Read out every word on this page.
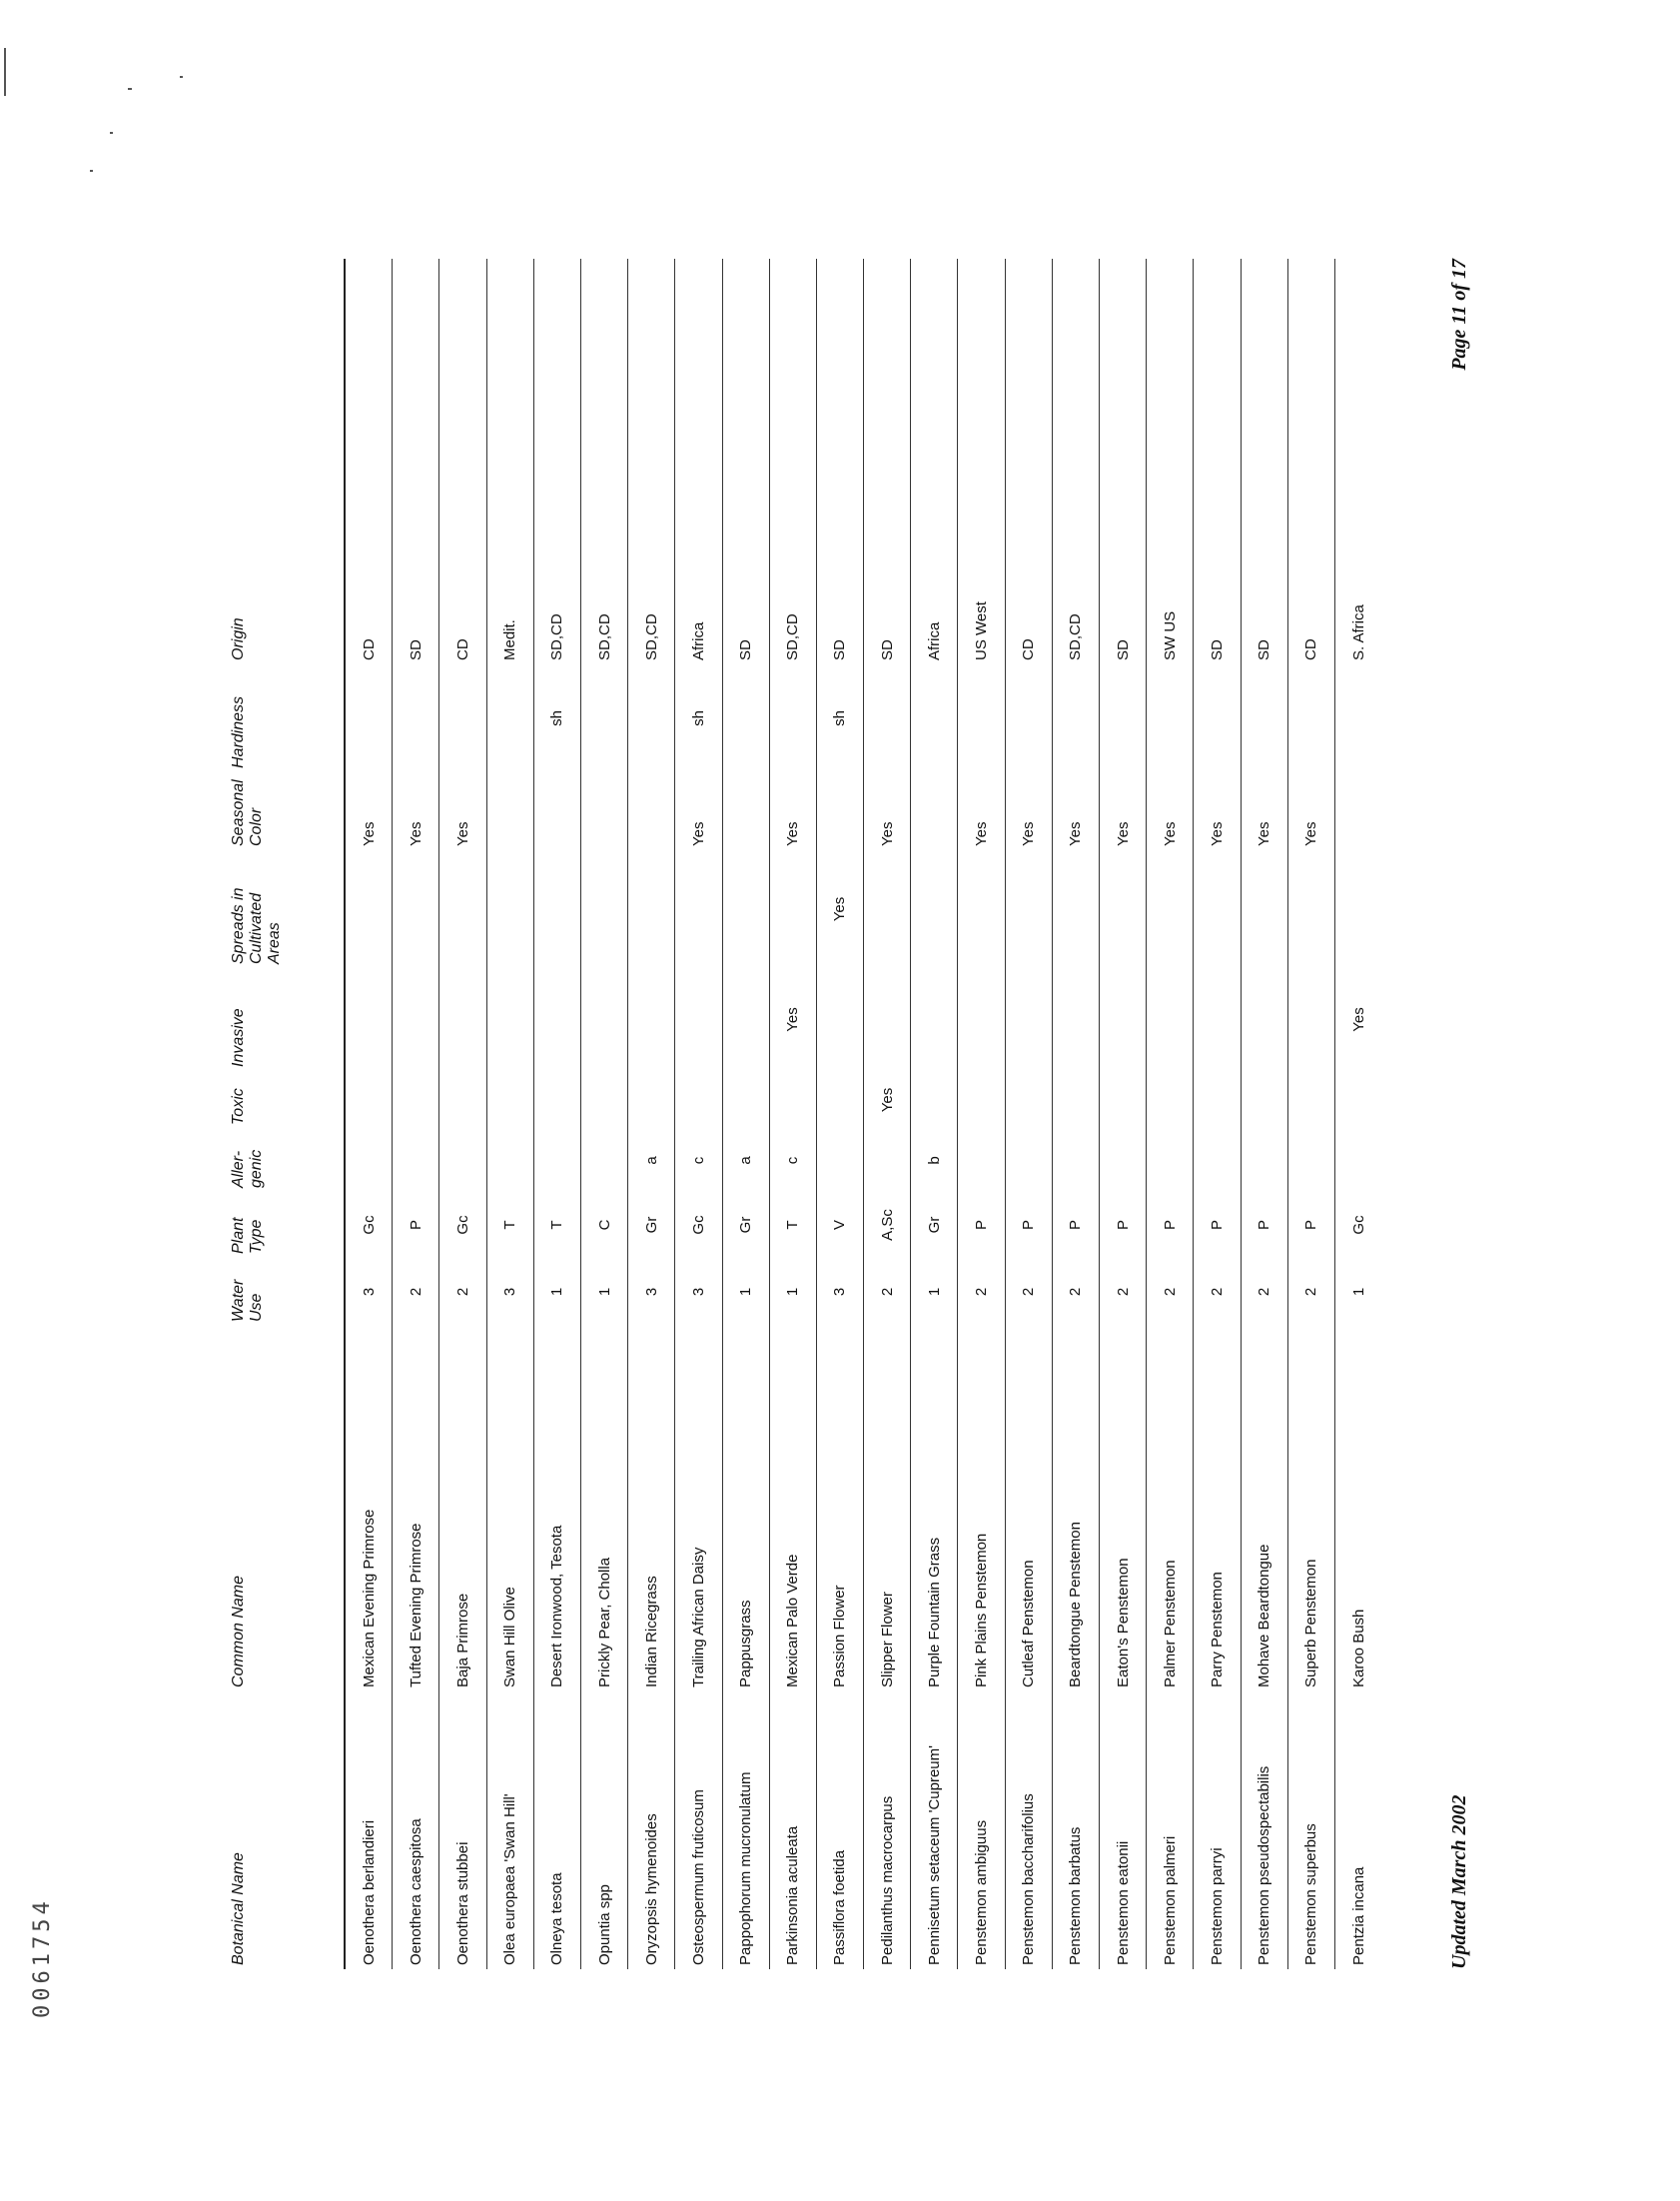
Botanical Name	Common Name	Water Use	Plant Type	Aller- genic	Toxic	Invasive	Spreads in Cultivated Areas	Seasonal Color	Hardiness	Origin
Oenothera berlandieri	Mexican Evening Primrose	3	Gc					Yes		CD
Oenothera caespitosa	Tufted Evening Primrose	2	P					Yes		SD
Oenothera stubbei	Baja Primrose	2	Gc					Yes		CD
Olea europaea 'Swan Hill'	Swan Hill Olive	3	T							Medit.
Olneya tesota	Desert Ironwood, Tesota	1	T						sh	SD,CD
Opuntia spp	Prickly Pear, Cholla	1	C							SD,CD
Oryzopsis hymenoides	Indian Ricegrass	3	Gr	a						SD,CD
Osteospermum fruticosum	Trailing African Daisy	3	Gc	c				Yes	sh	Africa
Pappophorum mucronulatum	Pappusgrass	1	Gr	a						SD
Parkinsonia aculeata	Mexican Palo Verde	1	T	c		Yes		Yes		SD,CD
Passiflora foetida	Passion Flower	3	V				Yes		sh	SD
Pedilanthus macrocarpus	Slipper Flower	2	A,Sc		Yes			Yes		SD
Pennisetum setaceum 'Cupreum'	Purple Fountain Grass	1	Gr	b						Africa
Penstemon ambiguus	Pink Plains Penstemon	2	P					Yes		US West
Penstemon baccharifolius	Cutleaf Penstemon	2	P					Yes		CD
Penstemon barbatus	Beardtongue Penstemon	2	P					Yes		SD,CD
Penstemon eatonii	Eaton's Penstemon	2	P					Yes		SD
Penstemon palmeri	Palmer Penstemon	2	P					Yes		SW US
Penstemon parryi	Parry Penstemon	2	P					Yes		SD
Penstemon pseudospectabilis	Mohave Beardtongue	2	P					Yes		SD
Penstemon superbus	Superb Penstemon	2	P					Yes		CD
Pentzia incana	Karoo Bush	1	Gc			Yes				S. Africa
Updated March 2002
Page 11 of 17
0061754
